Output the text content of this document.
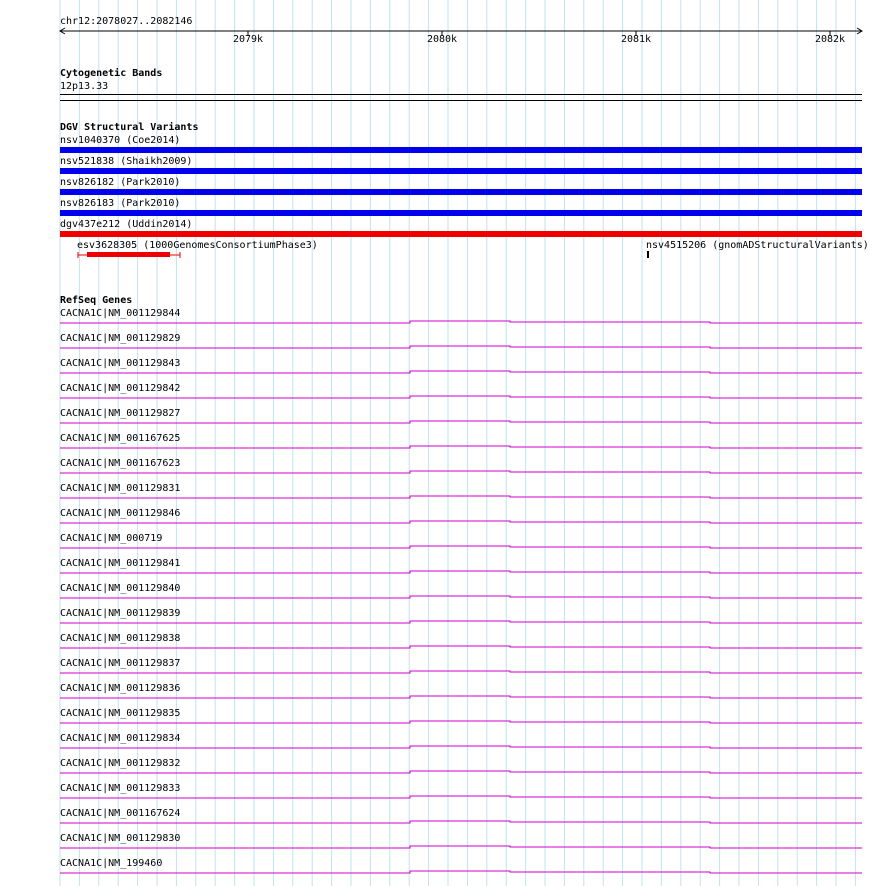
chr12:2078027..2082146
2079k	2080k	2081k	2082k
Cytogenetic Bands
12p13.33
DGV Structural Variants
nsv1040370 (Coe2014)
nsv521838 (Shaikh2009)
nsv826182 (Park2010)
nsv826183 (Park2010)
dgv437e212 (Uddin2014)
esv3628305 (1000GenomesConsortiumPhase3)	nsv4515206 (gnomADStructuralVariants)
RefSeq Genes
CACNA1C|NM_001129844
CACNA1C|NM_001129829
CACNA1C|NM_001129843
CACNA1C|NM_001129842
CACNA1C|NM_001129827
CACNA1C|NM_001167625
CACNA1C|NM_001167623
CACNA1C|NM_001129831
CACNA1C|NM_001129846
CACNA1C|NM_000719
CACNA1C|NM_001129841
CACNA1C|NM_001129840
CACNA1C|NM_001129839
CACNA1C|NM_001129838
CACNA1C|NM_001129837
CACNA1C|NM_001129836
CACNA1C|NM_001129835
CACNA1C|NM_001129834
CACNA1C|NM_001129832
CACNA1C|NM_001129833
CACNA1C|NM_001167624
CACNA1C|NM_001129830
CACNA1C|NM_199460
